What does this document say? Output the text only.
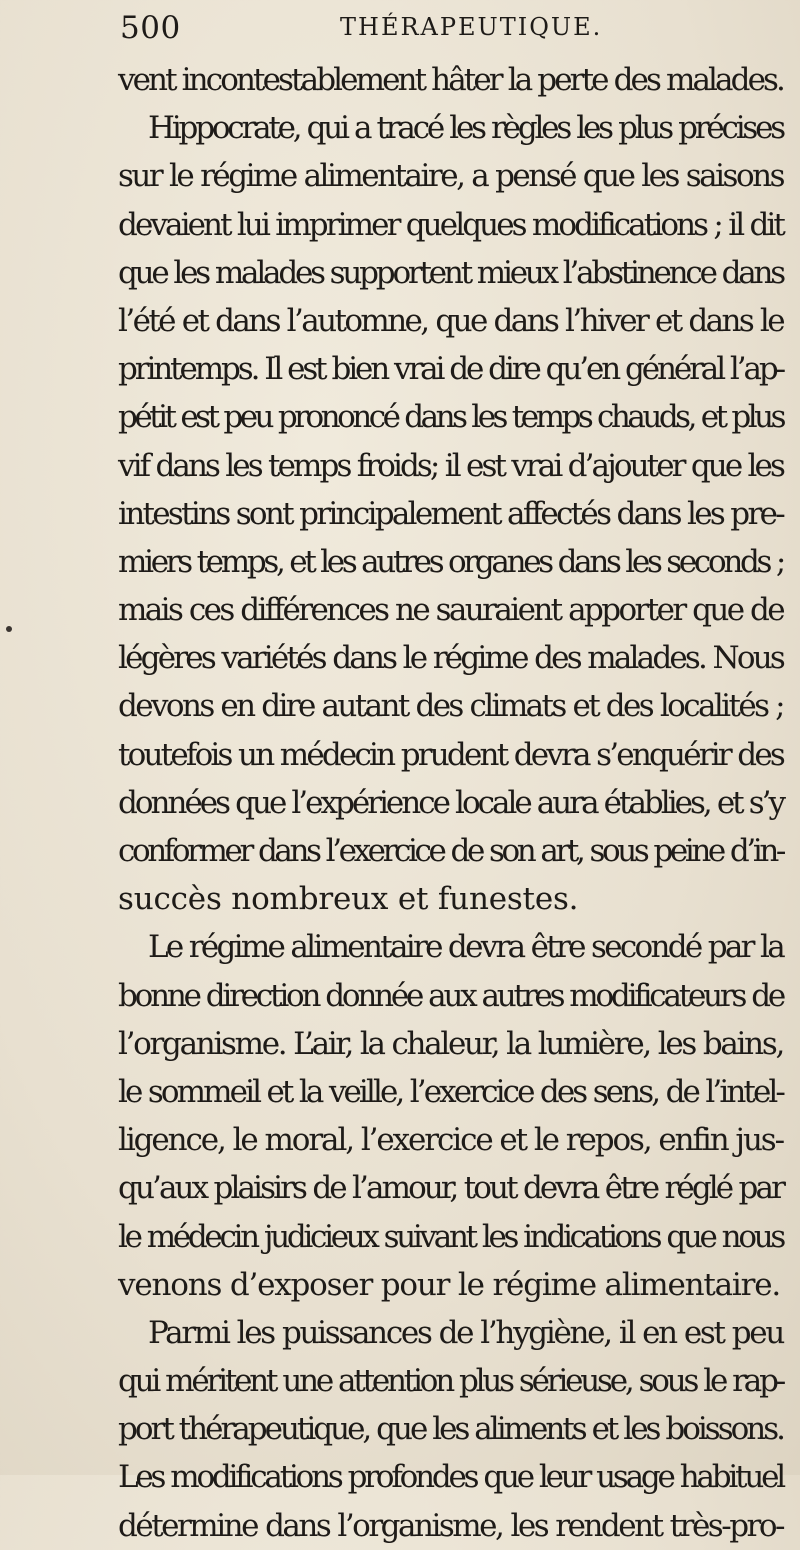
500	THÉRAPEUTIQUE.
vent incontestablement hâter la perte des malades.
Hippocrate, qui a tracé les règles les plus précises
sur le régime alimentaire, a pensé que les saisons
devaient lui imprimer quelques modifications ; il dit
que les malades supportent mieux l’abstinence dans
l’été et dans l’automne, que dans l’hiver et dans le
printemps. Il est bien vrai de dire qu’en général l’ap-
pétit est peu prononcé dans les temps chauds, et plus
vif dans les temps froids; il est vrai d’ajouter que les
intestins sont principalement affectés dans les pre-
miers temps, et les autres organes dans les seconds ;
mais ces différences ne sauraient apporter que de
légères variétés dans le régime des malades. Nous
devons en dire autant des climats et des localités ;
toutefois un médecin prudent devra s’enquérir des
données que l’expérience locale aura établies, et s’y
conformer dans l’exercice de son art, sous peine d’in-
succès nombreux et funestes.
Le régime alimentaire devra être secondé par la
bonne direction donnée aux autres modificateurs de
l’organisme. L’air, la chaleur, la lumière, les bains,
le sommeil et la veille, l’exercice des sens, de l’intel-
ligence, le moral, l’exercice et le repos, enfin jus-
qu’aux plaisirs de l’amour, tout devra être réglé par
le médecin judicieux suivant les indications que nous
venons d’exposer pour le régime alimentaire.
Parmi les puissances de l’hygiène, il en est peu
qui méritent une attention plus sérieuse, sous le rap-
port thérapeutique, que les aliments et les boissons.
Les modifications profondes que leur usage habituel
détermine dans l’organisme, les rendent très-pro-
